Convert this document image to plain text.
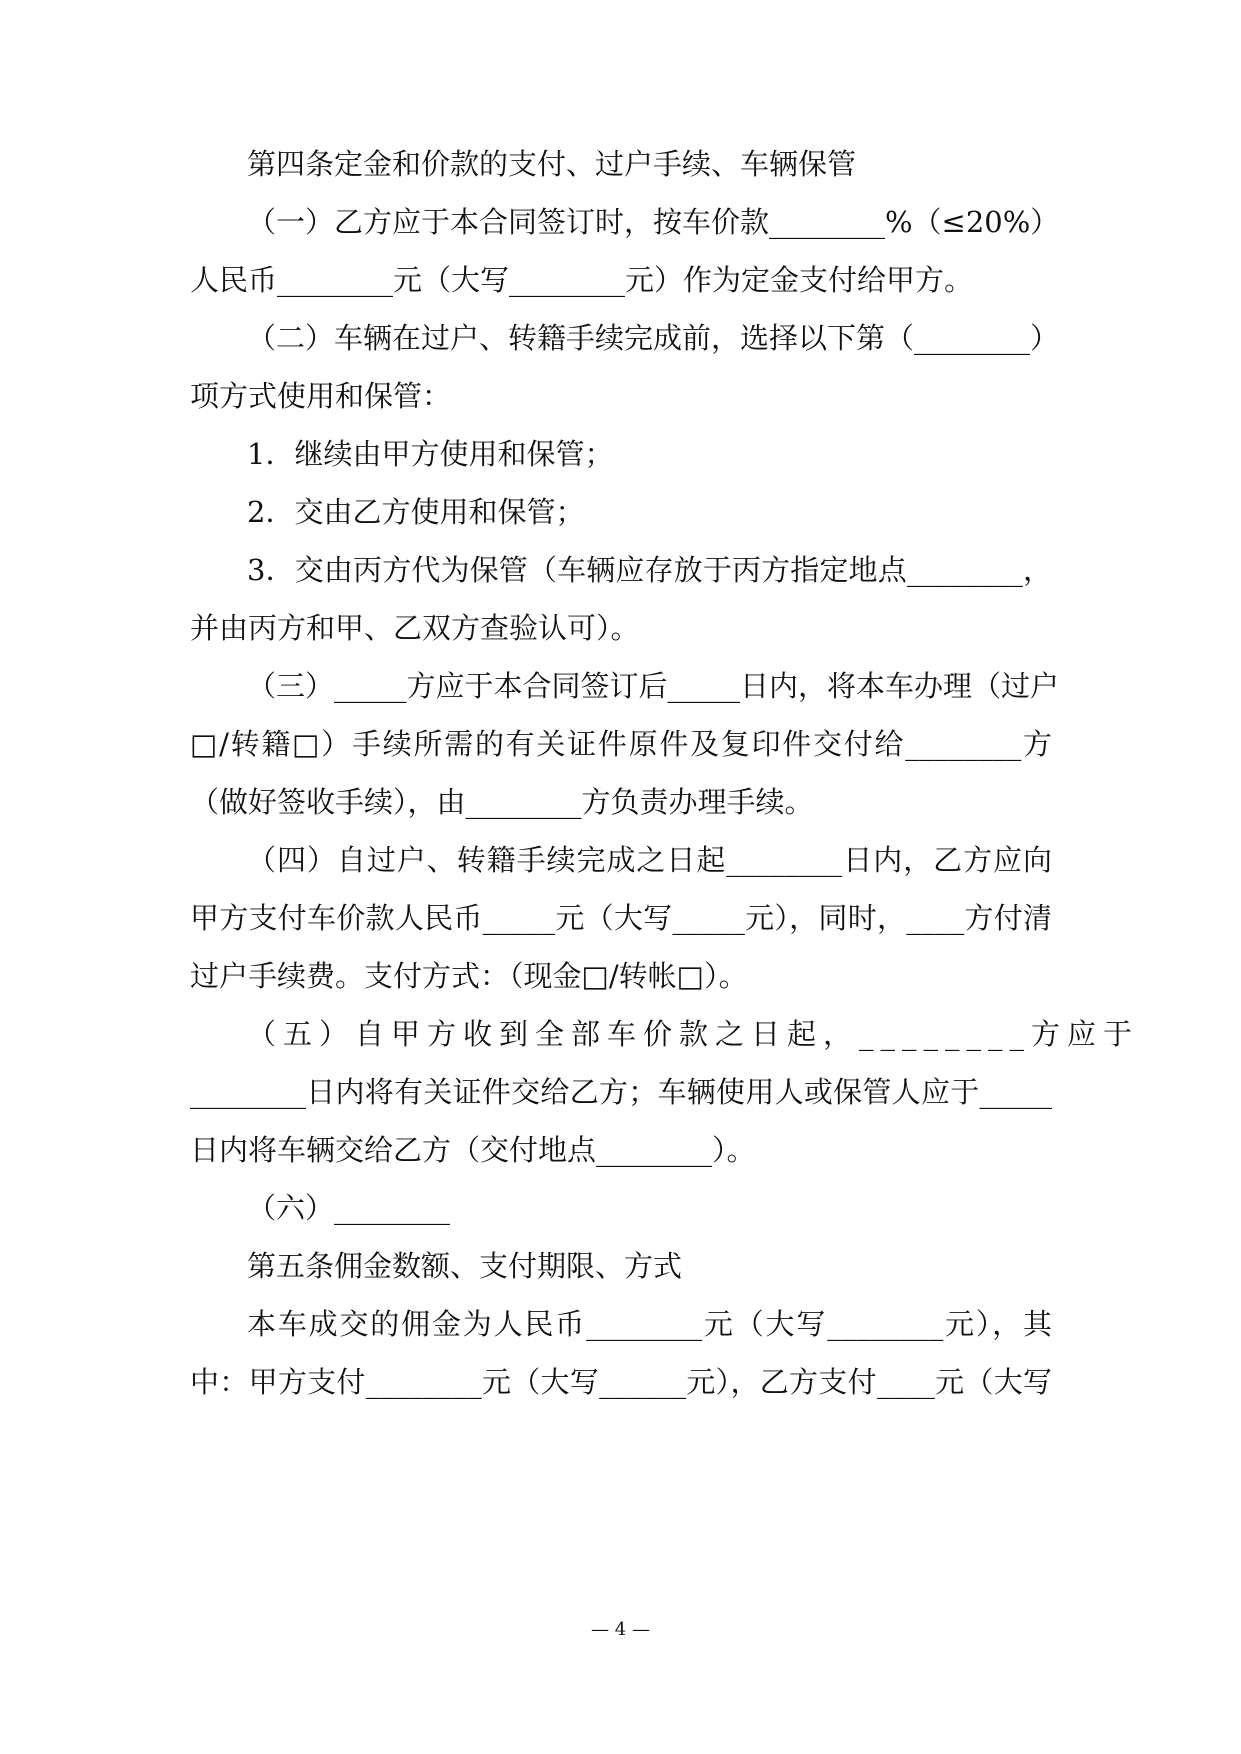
第四条定金和价款的支付、过户手续、车辆保管
（一）乙方应于本合同签订时，按车价款________%（≤20%）
人民币________元（大写________元）作为定金支付给甲方。
（二）车辆在过户、转籍手续完成前，选择以下第（________）
项方式使用和保管：
1．继续由甲方使用和保管；
2．交由乙方使用和保管；
3．交由丙方代为保管（车辆应存放于丙方指定地点________，
并由丙方和甲、乙双方查验认可）。
（三）_____方应于本合同签订后_____日内，将本车办理（过户
□/转籍□）手续所需的有关证件原件及复印件交付给________方
（做好签收手续），由________方负责办理手续。
（四）自过户、转籍手续完成之日起________日内，乙方应向
甲方支付车价款人民币_____元（大写_____元），同时，____方付清
过户手续费。支付方式：（现金□/转帐□）。
（五）自甲方收到全部车价款之日起，________方应于
________日内将有关证件交给乙方；车辆使用人或保管人应于_____
日内将车辆交给乙方（交付地点________）。
（六）________
第五条佣金数额、支付期限、方式
本车成交的佣金为人民币________元（大写________元），其
中：甲方支付________元（大写______元），乙方支付____元（大写
— 4 —
